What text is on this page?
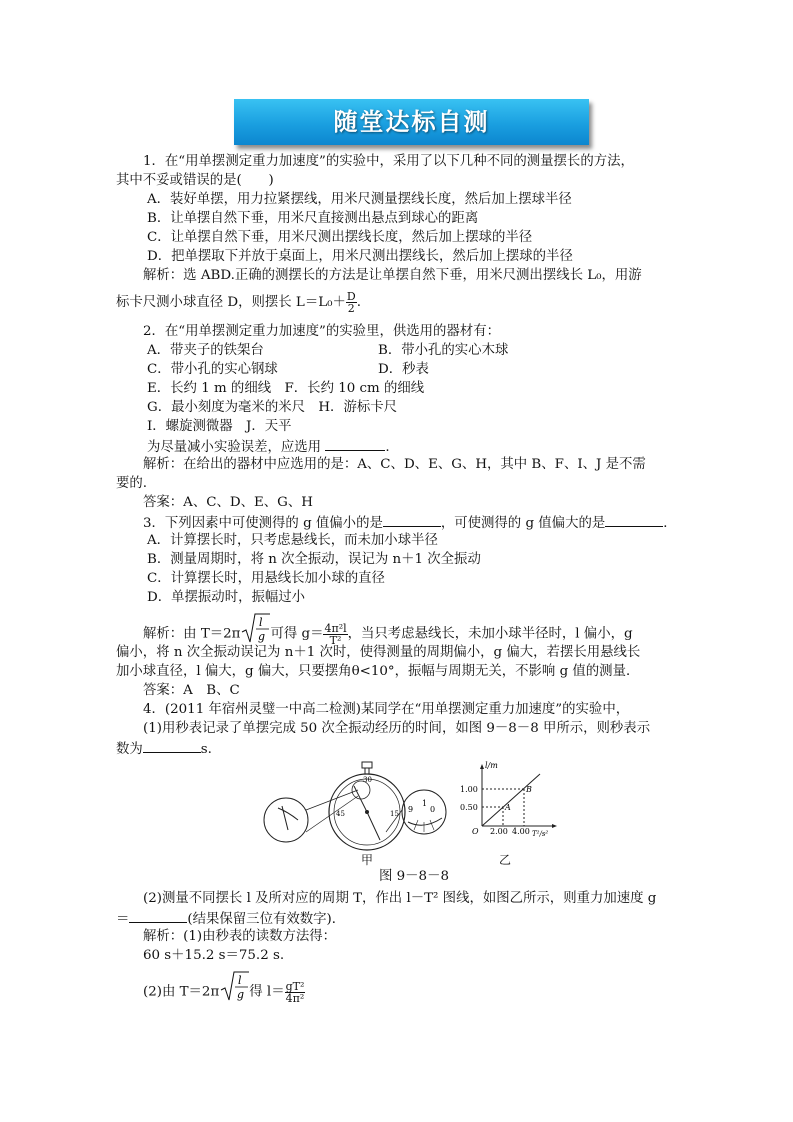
随堂达标自测
1．在“用单摆测定重力加速度”的实验中，采用了以下几种不同的测量摆长的方法，
其中不妥或错误的是(　　)
A．装好单摆，用力拉紧摆线，用米尺测量摆线长度，然后加上摆球半径
B．让单摆自然下垂，用米尺直接测出悬点到球心的距离
C．让单摆自然下垂，用米尺测出摆线长度，然后加上摆球的半径
D．把单摆取下并放于桌面上，用米尺测出摆线长，然后加上摆球的半径
解析：选 ABD.正确的测摆长的方法是让单摆自然下垂，用米尺测出摆线长 L₀，用游
标卡尺测小球直径 D，则摆长 $L=L_0+ \frac{D}{2}$ .
2．在“用单摆测定重力加速度”的实验里，供选用的器材有：
A．带夹子的铁架台	B．带小孔的实心木球
C．带小孔的实心钢球	D．秒表
E．长约 1 m 的细线　F．长约 10 cm 的细线
G．最小刻度为毫米的米尺　H．游标卡尺
I．螺旋测微器　J．天平
为尽量减小实验误差，应选用	.
解析：在给出的器材中应选用的是：A、C、D、E、G、H，其中 B、F、I、J 是不需
要的.
答案：A、C、D、E、G、H
3．下列因素中可使测得的 g 值偏小的是	，可使测得的 g 值偏大的是	．
A．计算摆长时，只考虑悬线长，而未加小球半径
B．测量周期时，将 n 次全振动，误记为 n＋1 次全振动
C．计算摆长时，用悬线长加小球的直径
D．单摆振动时，振幅过小
解析：由 T＝2π
l
g 可得 $g= \frac{\text{4π²l}}{\text{T²}}$ ，当只考虑悬线长，未加小球半径时，l 偏小，g
偏小，将 n 次全振动误记为 n＋1 次时，使得测量的周期偏小，g 偏大，若摆长用悬线长
加小球直径，l 偏大，g 偏大，只要摆角θ<10°，振幅与周期无关，不影响 g 值的测量．
答案：A　B、C
4．(2011 年宿州灵璧一中高二检测)某同学在“用单摆测定重力加速度”的实验中，
(1)用秒表记录了单摆完成 50 次全振动经历的时间，如图 9－8－8 甲所示，则秒表示
数为	s.
30
15
45	9
1
0
l/m
T²/s²
1.00
0.50
2.00 4.00
O
A
B
甲	乙
图 9－8－8
(2)测量不同摆长 l 及所对应的周期 T，作出 l－T² 图线，如图乙所示，则重力加速度 g
＝	(结果保留三位有效数字)．
解析：(1)由秒表的读数方法得：
60 s＋15.2 s＝75.2 s.
(2)由 T＝2π
l
g 得 $l= \frac{\text{gT²}}{\text{4π²}}$
